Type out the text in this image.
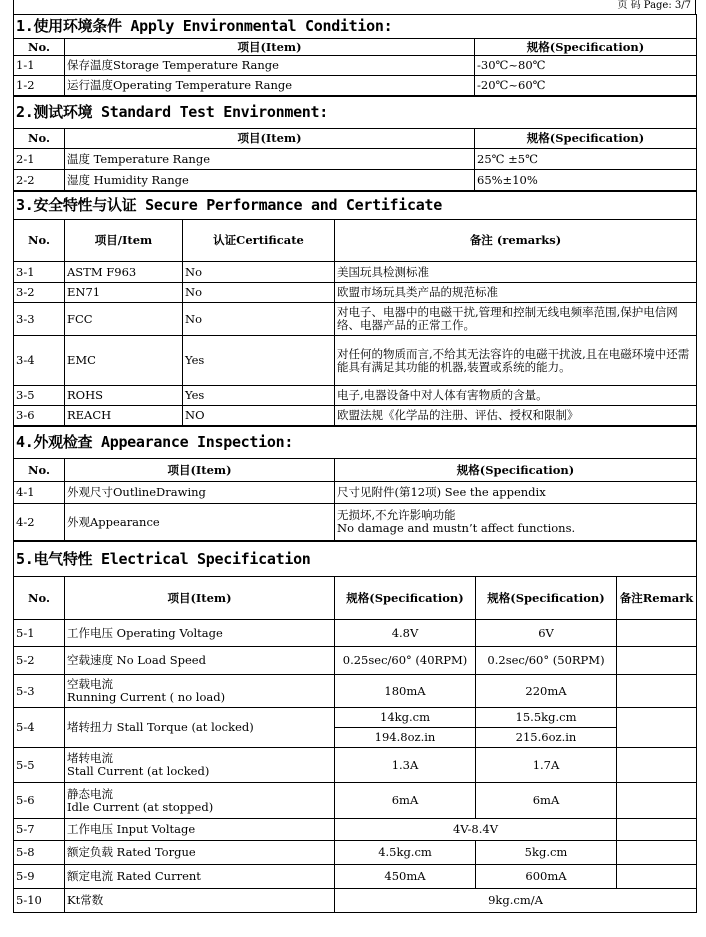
页 码 Page: 3/7
1.使用环境条件 Apply Environmental Condition:		
No.	项目(Item)	规格(Specification)
1-1	保存温度Storage Temperature Range	-30℃~80℃
1-2	运行温度Operating Temperature Range	-20℃~60℃
2.测试环境 Standard Test Environment:		
No.	项目(Item)	规格(Specification)
2-1	温度 Temperature Range	25℃ ±5℃
2-2	湿度 Humidity Range	65%±10%
3.安全特性与认证 Secure Performance and Certificate			
No.	项目/Item	认证Certificate	备注 (remarks)
3-1	ASTM F963	No	美国玩具检测标准
3-2	EN71	No	欧盟市场玩具类产品的规范标准
3-3	FCC	No	对电子、电器中的电磁干扰,管理和控制无线电频率范围,保护电信网络、电器产品的正常工作。
3-4	EMC	Yes	对任何的物质而言,不给其无法容许的电磁干扰波,且在电磁环境中还需能具有满足其功能的机器,装置或系统的能力。
3-5	ROHS	Yes	电子,电器设备中对人体有害物质的含量。
3-6	REACH	NO	欧盟法规《化学品的注册、评估、授权和限制》
4.外观检查 Appearance Inspection:		
No.	项目(Item)	规格(Specification)
4-1	外观尺寸OutlineDrawing	尺寸见附件(第12项) See the appendix
4-2	外观Appearance	无损坏,不允许影响功能
No damage and mustn’t affect functions.
5.电气特性 Electrical Specification				
No.	项目(Item)	规格(Specification)	规格(Specification)	备注Remark
5-1	工作电压 Operating Voltage	4.8V	6V	
5-2	空载速度 No Load Speed	0.25sec/60° (40RPM)	0.2sec/60° (50RPM)	
5-3	空载电流
Running Current ( no load)	180mA	220mA	
5-4	堵转扭力 Stall Torque (at locked)	14kg.cm	15.5kg.cm	
		194.8oz.in	215.6oz.in	
5-5	堵转电流
Stall Current (at locked)	1.3A	1.7A	
5-6	静态电流
Idle Current (at stopped)	6mA	6mA	
5-7	工作电压 Input Voltage	4V-8.4V		
5-8	额定负载 Rated Torgue	4.5kg.cm	5kg.cm	
5-9	额定电流 Rated Current	450mA	600mA	
5-10	Kt常数	9kg.cm/A		
